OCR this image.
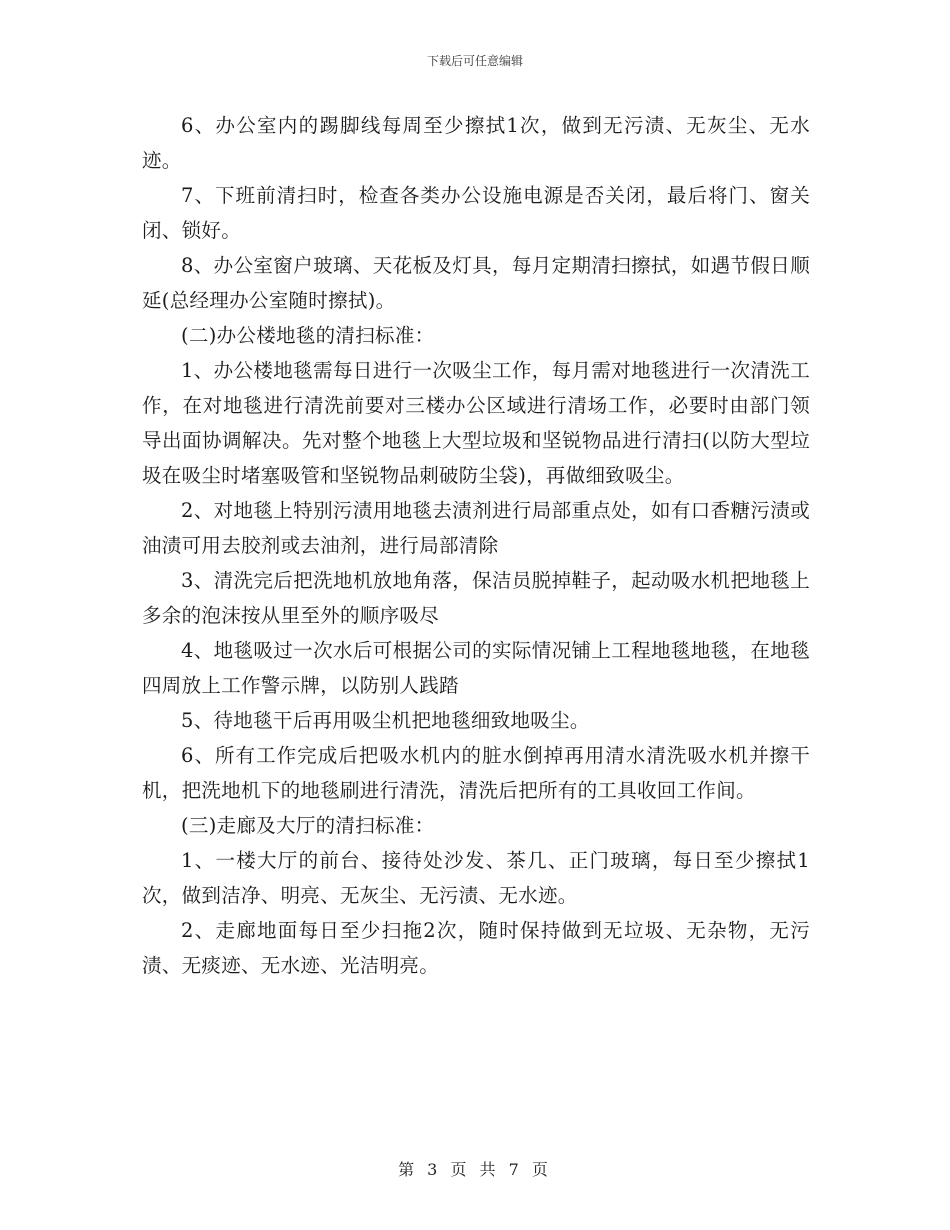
下载后可任意编辑

6、办公室内的踢脚线每周至少擦拭1次，做到无污渍、无灰尘、无水迹。

7、下班前清扫时，检查各类办公设施电源是否关闭，最后将门、窗关闭、锁好。

8、办公室窗户玻璃、天花板及灯具，每月定期清扫擦拭，如遇节假日顺延(总经理办公室随时擦拭)。

(二)办公楼地毯的清扫标准：

1、办公楼地毯需每日进行一次吸尘工作，每月需对地毯进行一次清洗工作，在对地毯进行清洗前要对三楼办公区域进行清场工作，必要时由部门领导出面协调解决。先对整个地毯上大型垃圾和坚锐物品进行清扫(以防大型垃圾在吸尘时堵塞吸管和坚锐物品刺破防尘袋)，再做细致吸尘。

2、对地毯上特别污渍用地毯去渍剂进行局部重点处，如有口香糖污渍或油渍可用去胶剂或去油剂，进行局部清除

3、清洗完后把洗地机放地角落，保洁员脱掉鞋子，起动吸水机把地毯上多余的泡沫按从里至外的顺序吸尽

4、地毯吸过一次水后可根据公司的实际情况铺上工程地毯地毯，在地毯四周放上工作警示牌，以防别人践踏

5、待地毯干后再用吸尘机把地毯细致地吸尘。

6、所有工作完成后把吸水机内的脏水倒掉再用清水清洗吸水机并擦干机，把洗地机下的地毯刷进行清洗，清洗后把所有的工具收回工作间。

(三)走廊及大厅的清扫标准：

1、一楼大厅的前台、接待处沙发、茶几、正门玻璃，每日至少擦拭1次，做到洁净、明亮、无灰尘、无污渍、无水迹。

2、走廊地面每日至少扫拖2次，随时保持做到无垃圾、无杂物，无污渍、无痰迹、无水迹、光洁明亮。

第 3 页 共 7 页
